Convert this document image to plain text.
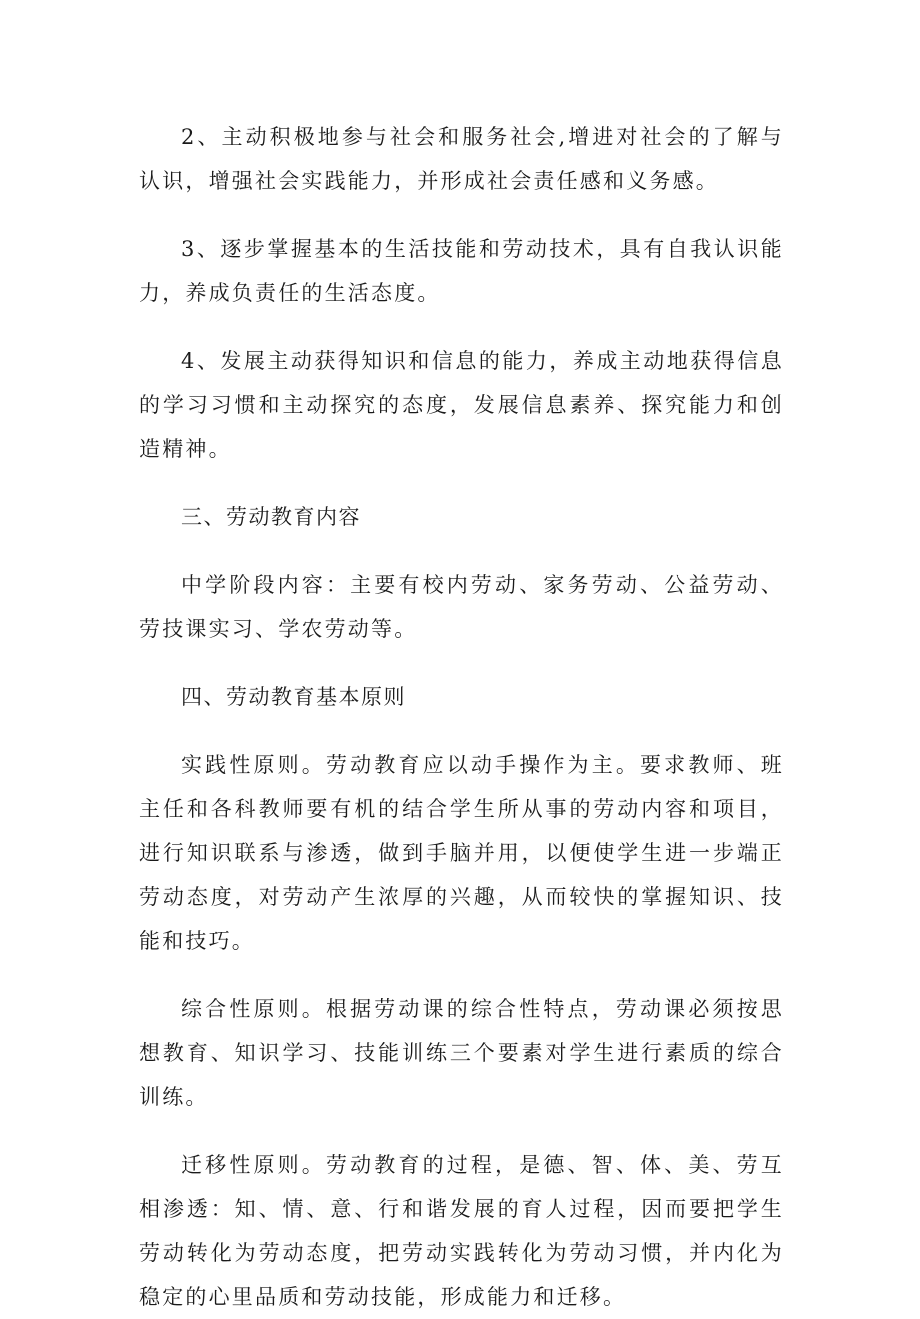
2、主动积极地参与社会和服务社会,增进对社会的了解与认识，增强社会实践能力，并形成社会责任感和义务感。

3、逐步掌握基本的生活技能和劳动技术，具有自我认识能力，养成负责任的生活态度。

4、发展主动获得知识和信息的能力，养成主动地获得信息的学习习惯和主动探究的态度，发展信息素养、探究能力和创造精神。

三、劳动教育内容

中学阶段内容：主要有校内劳动、家务劳动、公益劳动、劳技课实习、学农劳动等。

四、劳动教育基本原则

实践性原则。劳动教育应以动手操作为主。要求教师、班主任和各科教师要有机的结合学生所从事的劳动内容和项目，进行知识联系与渗透，做到手脑并用，以便使学生进一步端正劳动态度，对劳动产生浓厚的兴趣，从而较快的掌握知识、技能和技巧。

综合性原则。根据劳动课的综合性特点，劳动课必须按思想教育、知识学习、技能训练三个要素对学生进行素质的综合训练。

迁移性原则。劳动教育的过程，是德、智、体、美、劳互相渗透：知、情、意、行和谐发展的育人过程，因而要把学生劳动转化为劳动态度，把劳动实践转化为劳动习惯，并内化为稳定的心里品质和劳动技能，形成能力和迁移。
